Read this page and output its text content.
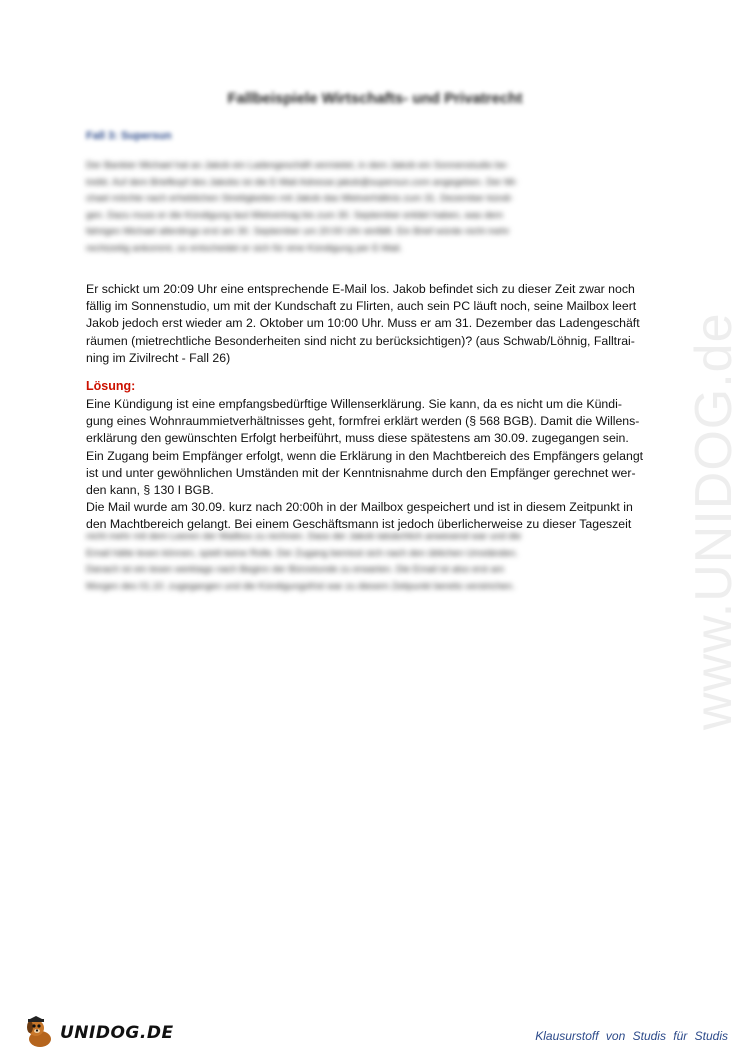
Fallbeispiele Wirtschafts- und Privatrecht
Fall 3: Supersun
Der Bankier Michael hat an Jakob ein Ladengeschäft vermietet, in dem Jakob ein Sonnenstudio be-
treibt. Auf dem Briefkopf des Jakobs ist die E-Mail Adresse jakob@supersun.com angegeben. Der Mi-
chael möchte nach erheblichen Streitigkeiten mit Jakob das Mietverhältnis zum 31. Dezember kündi-
gen. Dazu muss er die Kündigung laut Mietvertrag bis zum 30. September erklärt haben, was dem
fahrigen Michael allerdings erst am 30. September um 20:00 Uhr einfällt. Ein Brief würde nicht mehr
rechtzeitig ankommt, so entscheidet er sich für eine Kündigung per E-Mail.
Er schickt um 20:09 Uhr eine entsprechende E-Mail los. Jakob befindet sich zu dieser Zeit zwar noch
fällig im Sonnenstudio, um mit der Kundschaft zu Flirten, auch sein PC läuft noch, seine Mailbox leert
Jakob jedoch erst wieder am 2. Oktober um 10:00 Uhr. Muss er am 31. Dezember das Ladengeschäft
räumen (mietrechtliche Besonderheiten sind nicht zu berücksichtigen)? (aus Schwab/Löhnig, Falltrai-
ning im Zivilrecht - Fall 26)
Lösung:
Eine Kündigung ist eine empfangsbedürftige Willenserklärung. Sie kann, da es nicht um die Kündi-
gung eines Wohnraummietverhältnisses geht, formfrei erklärt werden (§ 568 BGB). Damit die Willens-
erklärung den gewünschten Erfolgt herbeiführt, muss diese spätestens am 30.09. zugegangen sein.
Ein Zugang beim Empfänger erfolgt, wenn die Erklärung in den Machtbereich des Empfängers gelangt
ist und unter gewöhnlichen Umständen mit der Kenntnisnahme durch den Empfänger gerechnet wer-
den kann, § 130 I BGB.
Die Mail wurde am 30.09. kurz nach 20:00h in der Mailbox gespeichert und ist in diesem Zeitpunkt in
den Machtbereich gelangt. Bei einem Geschäftsmann ist jedoch überlicherweise zu dieser Tageszeit
nicht mehr mit dem Leeren der Mailbox zu rechnen. Dass der Jakob tatsächlich anwesend war und die
Email hätte lesen können, spielt keine Rolle. Der Zugang bemisst sich nach den üblichen Umständen.
Danach ist ein lesen werktags nach Beginn der Bürostunde zu erwarten. Die Email ist also erst am
Morgen des 01.10. zugegangen und die Kündigungsfrist war zu diesem Zeitpunkt bereits verstrichen.	www.UNIDOG.de
UNIDOG.DE	Klausurstoff von Studis für Studis
